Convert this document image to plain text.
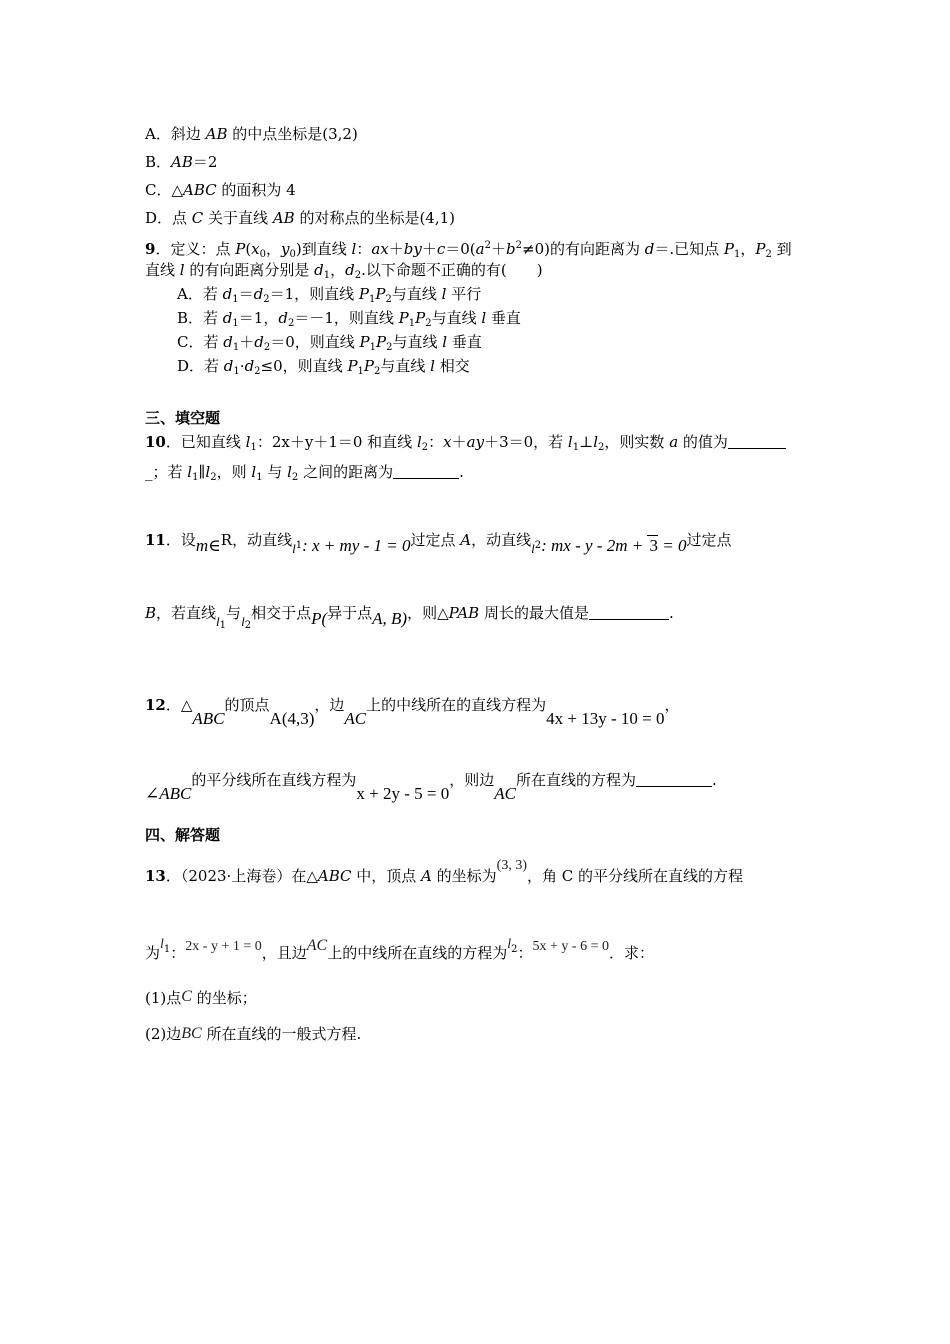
A．斜边 AB 的中点坐标是(3,2)
B．AB＝2
C．△ABC 的面积为 4
D．点 C 关于直线 AB 的对称点的坐标是(4,1)
9．定义：点 $P(x_0$，$y_0$)到直线 l：$ax+by+c=0(a^2+b^2\ne 0)$的有向距离为 d＝.已知点 $P_1$，$P_2$ 到
直线 l 的有向距离分别是 $d_1$，$d_2$.以下命题不正确的有(　　)
A．若 $d_1=d_2=1$，则直线 $P_1P_2$与直线 l 平行
B．若 $d_1=1$，$d_2=-1$，则直线 $P_1P_2$与直线 l 垂直
C．若 $d_1+d_2=0$，则直线 $P_1P_2$与直线 l 垂直
D．若 $d_1\cdot d_2\le 0$，则直线 $P_1P_2$与直线 l 相交
三、填空题
10．已知直线 $l_1$：2x＋y＋1＝0 和直线 $l_2$：x＋ay＋3＝0，若 $l_1\perp l_2$，则实数 a 的值为
_；若 $l_1\parallel l_2$，则 $l_1$ 与 $l_2$ 之间的距离为	.
11．设m∈R，动直线$l_1$: x + my - 1 = 0过定点 A，动直线$l_2$: mx - y - 2m + 3 = 0过定点
B，若直线$l_1$与$l_2$相交于点P(异于点A, B)，则△PAB 周长的最大值是	.
12．△ABC的顶点A(4,3)，边AC上的中线所在的直线方程为4x + 13y - 10 = 0，
∠ABC的平分线所在直线方程为x + 2y - 5 = 0，则边AC所在直线的方程为	.
四、解答题
13．（2023·上海卷）在△ABC 中，顶点 A 的坐标为(3, 3)，角 C 的平分线所在直线的方程
为$l^1$：2x - y + 1 = 0，且边AC上的中线所在直线的方程为$l^2$：5x + y - 6 = 0．求：
(1)点C 的坐标；
(2)边BC 所在直线的一般式方程.
